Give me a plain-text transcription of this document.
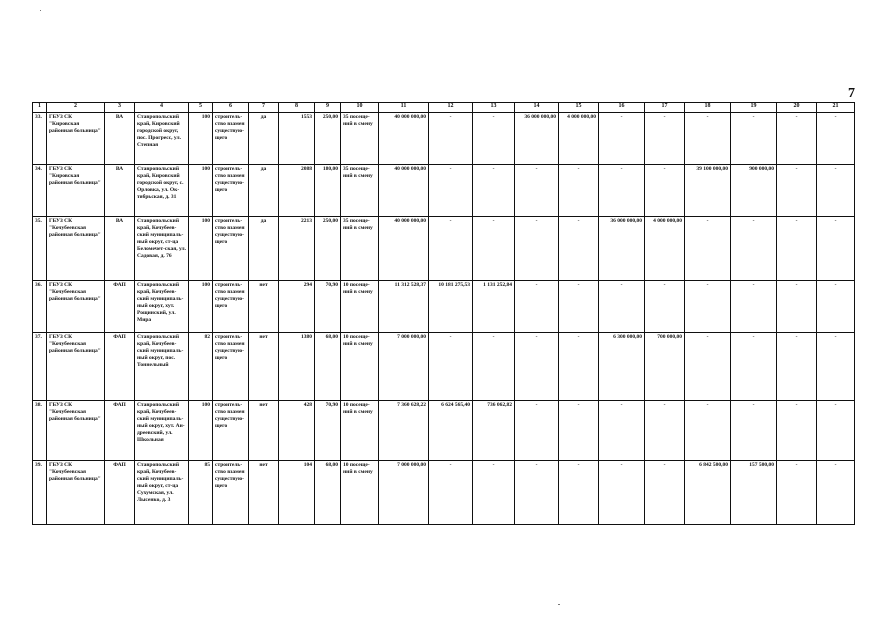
7
1	2	3	4	5	6	7	8	9	10	11	12	13	14	15	16	17	18	19	20	21
33.	ГБУЗ СК "Кировская районная больница"	ВА	Ставропольский край, Кировский городской округ, пос. Прогресс, ул. Степная	100	строитель-ство взамен существую-щего	да	1553	250,00	35 посеще-ний в смену	40 000 000,00	-	-	36 000 000,00	4 000 000,00	-	-	-	-	-	-
34.	ГБУЗ СК "Кировская районная больница"	ВА	Ставропольский край, Кировский городской округ, с. Орловка, ул. Ок-тябрьская, д. 31	100	строитель-ство взамен существую-щего	да	2088	180,00	35 посеще-ний в смену	40 000 000,00	-	-	-	-	-	-	39 100 000,00	900 000,00	-	-
35.	ГБУЗ СК "Кочубеевская районная больница"	ВА	Ставропольский край, Кочубеев-ский муниципаль-ный округ, ст-ца Беломечет-ская, ул. Садовая, д. 76	100	строитель-ство взамен существую-щего	да	2213	250,00	35 посеще-ний в смену	40 000 000,00	-	-	-	-	36 000 000,00	4 000 000,00	-	-	-	-
36.	ГБУЗ СК "Кочубеевская районная больница"	ФАП	Ставропольский край, Кочубеев-ский муниципаль-ный округ, хут. Рощинский, ул. Мира	100	строитель-ство взамен существую-щего	нет	294	70,90	10 посеще-ний в смену	11 312 528,37	10 181 275,53	1 131 252,84	-	-	-	-	-	-	-	-
37.	ГБУЗ СК "Кочубеевская районная больница"	ФАП	Ставропольский край, Кочубеев-ский муниципаль-ный округ, пос. Тоннельный	82	строитель-ство взамен существую-щего	нет	1380	68,00	10 посеще-ний в смену	7 000 000,00	-	-	-	-	6 300 000,00	700 000,00	-	-	-	-
38.	ГБУЗ СК "Кочубеевская районная больница"	ФАП	Ставропольский край, Кочубеев-ский муниципаль-ный округ, хут. Ан-дреевский, ул. Школьная	100	строитель-ство взамен существую-щего	нет	428	70,90	10 посеще-ний в смену	7 360 628,22	6 624 565,40	736 062,82	-	-	-	-	-	-	-	-
39.	ГБУЗ СК "Кочубеевская районная больница"	ФАП	Ставропольский край, Кочубеев-ский муниципаль-ный округ, ст-ца Сухумская, ул. Лысенко, д. 3	85	строитель-ство взамен существую-щего	нет	104	68,00	10 посеще-ний в смену	7 000 000,00	-	-	-	-	-	-	6 842 500,00	157 500,00	-	-
